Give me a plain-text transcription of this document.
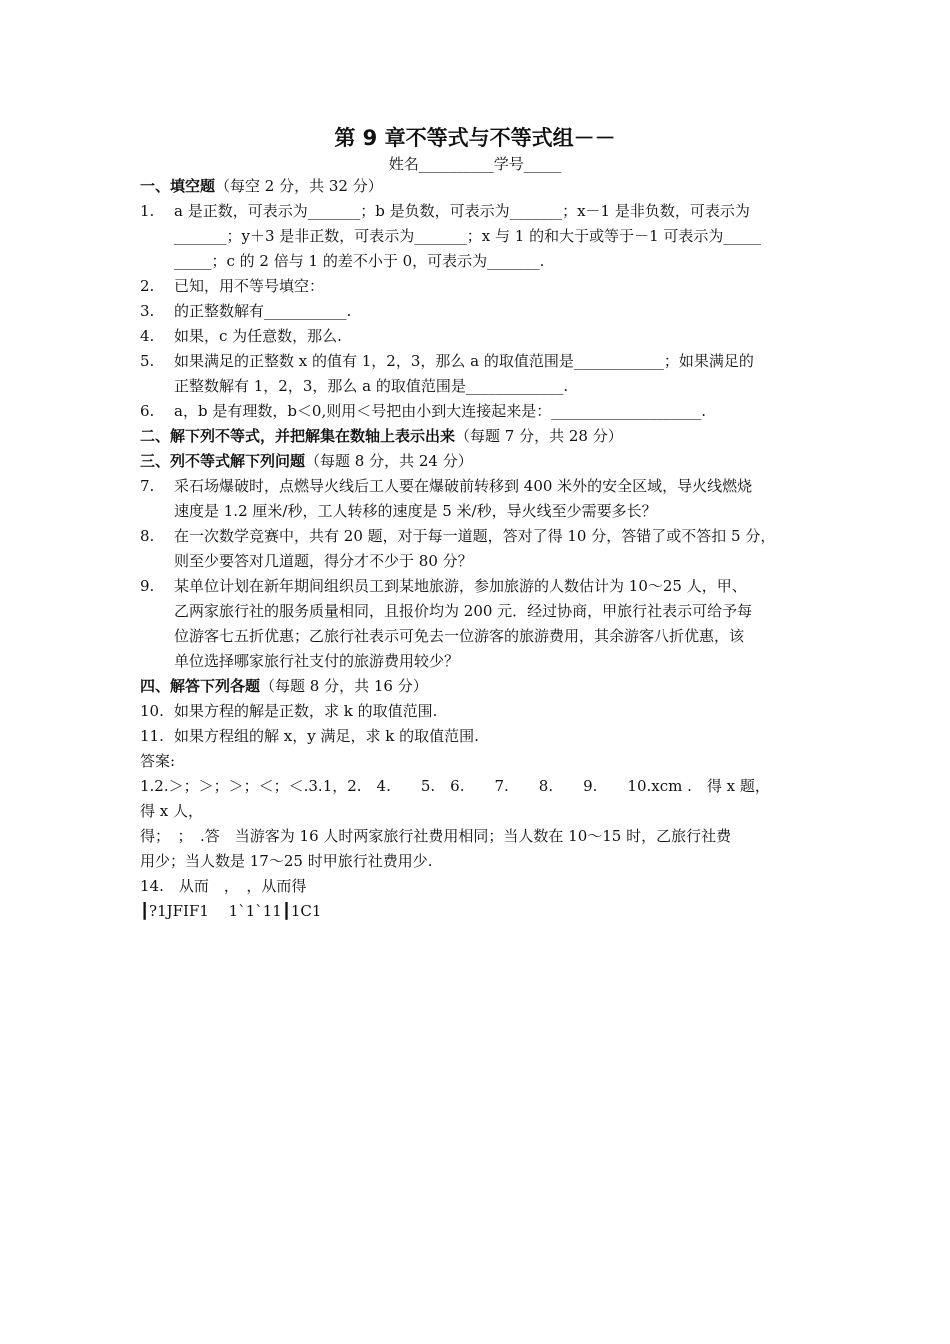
第 9 章不等式与不等式组－－
姓名__________学号_____
一、填空题（每空 2 分，共 32 分）
1. a 是正数，可表示为_______；b 是负数，可表示为_______；x－1 是非负数，可表示为
_______；y＋3 是非正数，可表示为_______；x 与 1 的和大于或等于－1 可表示为_____
_____；c 的 2 倍与 1 的差不小于 0，可表示为_______.
2. 已知，用不等号填空：
3. 的正整数解有___________.
4. 如果，c 为任意数，那么.
5. 如果满足的正整数 x 的值有 1，2，3，那么 a 的取值范围是____________；如果满足的
正整数解有 1，2，3，那么 a 的取值范围是_____________.
6. a，b 是有理数，b＜0,则用＜号把由小到大连接起来是：____________________.
二、解下列不等式，并把解集在数轴上表示出来（每题 7 分，共 28 分）
三、列不等式解下列问题（每题 8 分，共 24 分）
7. 采石场爆破时，点燃导火线后工人要在爆破前转移到 400 米外的安全区域，导火线燃烧
速度是 1.2 厘米/秒，工人转移的速度是 5 米/秒，导火线至少需要多长？
8. 在一次数学竞赛中，共有 20 题，对于每一道题，答对了得 10 分，答错了或不答扣 5 分，
则至少要答对几道题，得分才不少于 80 分？
9. 某单位计划在新年期间组织员工到某地旅游，参加旅游的人数估计为 10～25 人，甲、
乙两家旅行社的服务质量相同，且报价均为 200 元．经过协商，甲旅行社表示可给予每
位游客七五折优惠；乙旅行社表示可免去一位游客的旅游费用，其余游客八折优惠，该
单位选择哪家旅行社支付的旅游费用较少？
四、解答下列各题（每题 8 分，共 16 分）
10. 如果方程的解是正数，求 k 的取值范围.
11. 如果方程组的解 x，y 满足，求 k 的取值范围.
答案:
1.2.＞；＞；＞；＜；＜.3.1，2.　4.　　5.　6.　　7.　　8.　　9.　　10.xcm .　得 x 题，
得 x 人，
得；　；　.答　当游客为 16 人时两家旅行社费用相同；当人数在 10～15 时，乙旅行社费
用少；当人数是 17～25 时甲旅行社费用少.
14.　从而　，　，从而得
┃?1JFIF1　 1`1`11┃1C1
